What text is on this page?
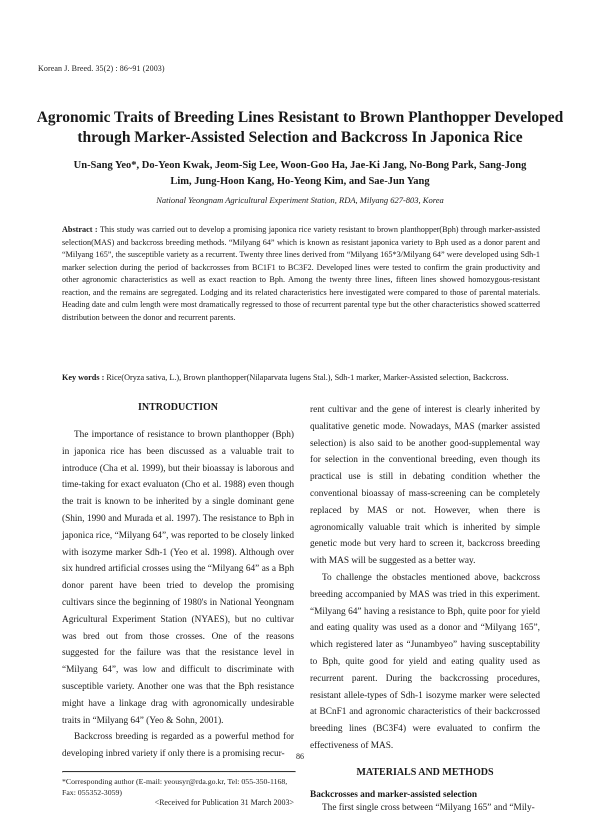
Korean J. Breed. 35(2) : 86~91 (2003)
Agronomic Traits of Breeding Lines Resistant to Brown Planthopper Developed through Marker-Assisted Selection and Backcross In Japonica Rice
Un-Sang Yeo*, Do-Yeon Kwak, Jeom-Sig Lee, Woon-Goo Ha, Jae-Ki Jang, No-Bong Park, Sang-Jong Lim, Jung-Hoon Kang, Ho-Yeong Kim, and Sae-Jun Yang
National Yeongnam Agricultural Experiment Station, RDA, Milyang 627-803, Korea
Abstract : This study was carried out to develop a promising japonica rice variety resistant to brown planthopper(Bph) through marker-assisted selection(MAS) and backcross breeding methods. “Milyang 64” which is known as resistant japonica variety to Bph used as a donor parent and “Milyang 165”, the susceptible variety as a recurrent. Twenty three lines derived from “Milyang 165*3/Milyang 64” were developed using Sdh-1 marker selection during the period of backcrosses from BC1F1 to BC3F2. Developed lines were tested to confirm the grain productivity and other agronomic characteristics as well as exact reaction to Bph. Among the twenty three lines, fifteen lines showed homozygous-resistant reaction, and the remains are segregated. Lodging and its related characteristics here investigated were compared to those of parental materials. Heading date and culm length were most dramatically regressed to those of recurrent parental type but the other characteristics showed scatterred distribution between the donor and recurrent parents.
Key words : Rice(Oryza sativa, L.), Brown planthopper(Nilaparvata lugens Stal.), Sdh-1 marker, Marker-Assisted selection, Backcross.

INTRODUCTION

The importance of resistance to brown planthopper (Bph) in japonica rice has been discussed as a valuable trait to introduce (Cha et al. 1999), but their bioassay is laborous and time-taking for exact evaluaton (Cho et al. 1988) even though the trait is known to be inherited by a single dominant gene (Shin, 1990 and Murada et al. 1997). The resistance to Bph in japonica rice, “Milyang 64”, was reported to be closely linked with isozyme marker Sdh-1 (Yeo et al. 1998). Although over six hundred artificial crosses using the “Milyang 64” as a Bph donor parent have been tried to develop the promising cultivars since the beginning of 1980's in National Yeongnam Agricultural Experiment Station (NYAES), but no cultivar was bred out from those crosses. One of the reasons suggested for the failure was that the resistance level in “Milyang 64”, was low and difficult to discriminate with susceptible variety. Another one was that the Bph resistance might have a linkage drag with agronomically undesirable traits in “Milyang 64” (Yeo & Sohn, 2001).

Backcross breeding is regarded as a powerful method for developing inbred variety if only there is a promising recur-

*Corresponding author (E-mail: yeousyr@rda.go.kr, Tel: 055-350-1168, Fax: 055352-3059)

<Received for Publication 31 March 2003>

rent cultivar and the gene of interest is clearly inherited by qualitative genetic mode. Nowadays, MAS (marker assisted selection) is also said to be another good-supplemental way for selection in the conventional breeding, even though its practical use is still in debating condition whether the conventional bioassay of mass-screening can be completely replaced by MAS or not. However, when there is agronomically valuable trait which is inherited by simple genetic mode but very hard to screen it, backcross breeding with MAS will be suggested as a better way.

To challenge the obstacles mentioned above, backcross breeding accompanied by MAS was tried in this experiment. “Milyang 64” having a resistance to Bph, quite poor for yield and eating quality was used as a donor and “Milyang 165”, which registered later as “Junambyeo” having susceptability to Bph, quite good for yield and eating quality used as recurrent parent. During the backcrossing procedures, resistant allele-types of Sdh-1 isozyme marker were selected at BCnF1 and agronomic characteristics of their backcrossed breeding lines (BC3F4) were evaluated to confirm the effectiveness of MAS.

MATERIALS AND METHODS

Backcrosses and marker-assisted selection

The first single cross between “Milyang 165” and “Mily-

86
